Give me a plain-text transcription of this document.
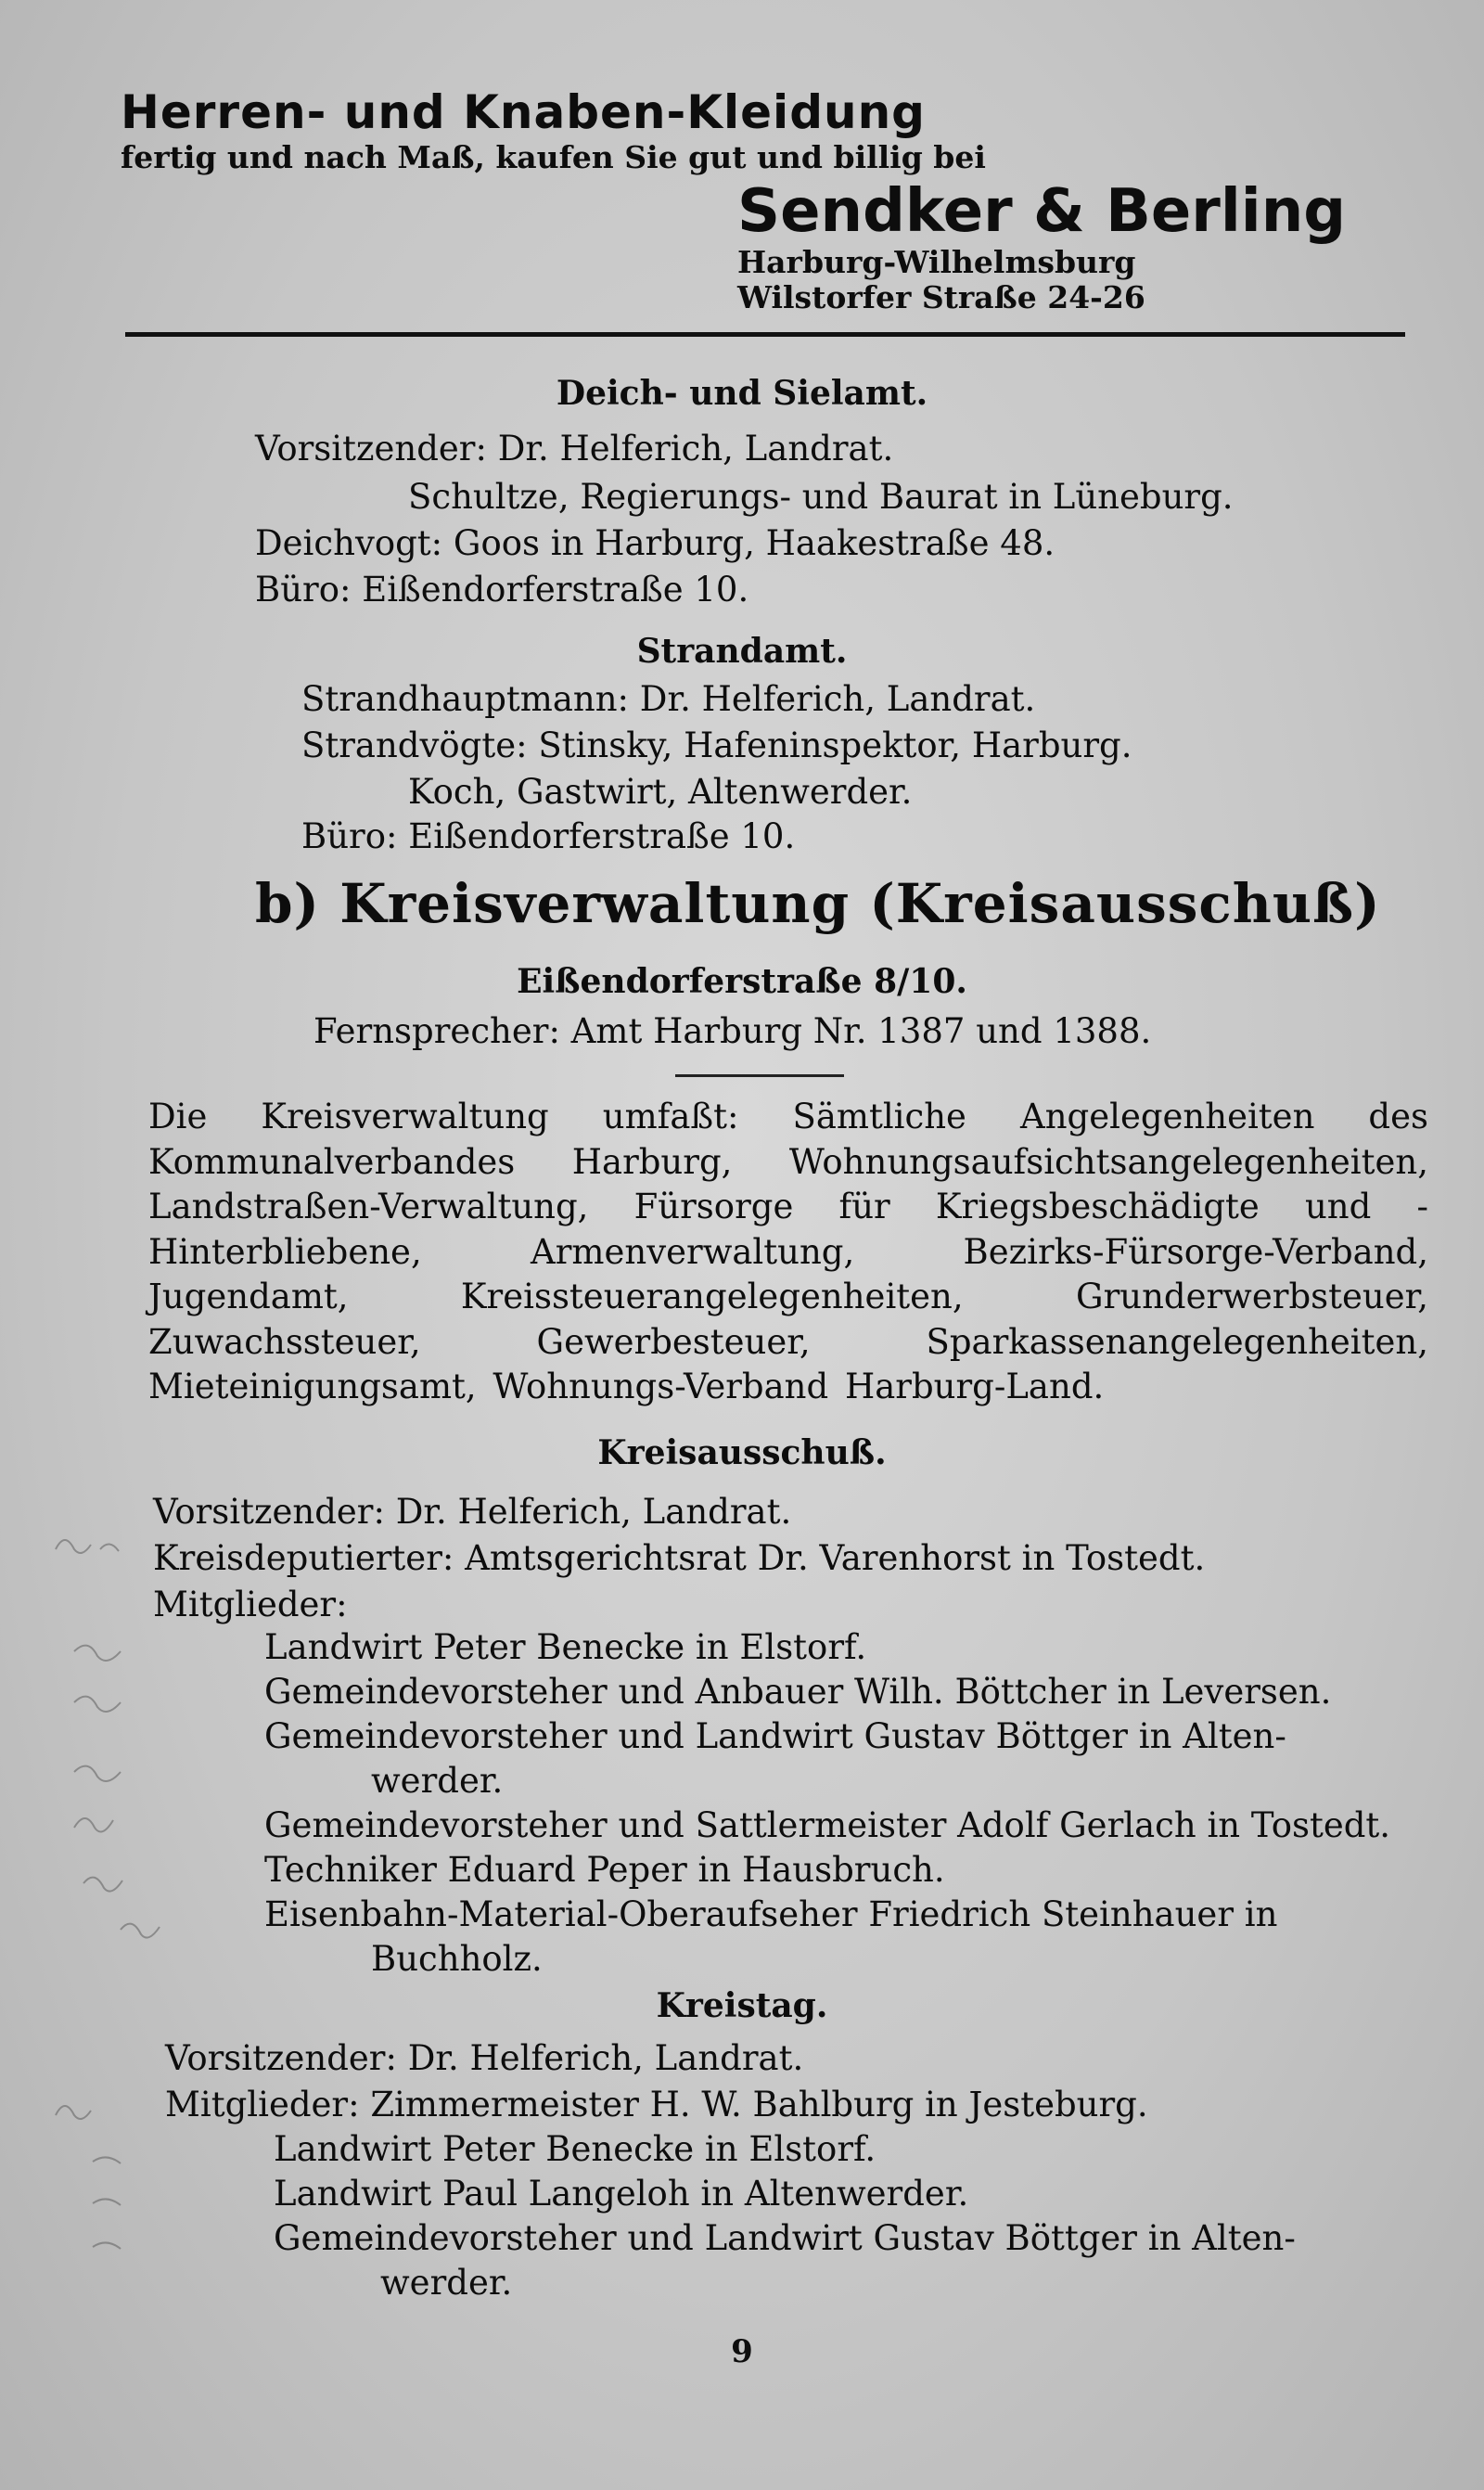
Herren- und Knaben-Kleidung

fertig und nach Maß, kaufen Sie gut und billig bei

Sendker & Berling

Harburg-Wilhelmsburg

Wilstorfer Straße 24-26

Deich- und Sielamt.
Vorsitzender: Dr. Helferich, Landrat.
Schultze, Regierungs- und Baurat in Lüneburg.
Deichvogt: Goos in Harburg, Haakestraße 48.
Büro: Eißendorferstraße 10.
Strandamt.
Strandhauptmann: Dr. Helferich, Landrat.
Strandvögte: Stinsky, Hafeninspektor, Harburg.
Koch, Gastwirt, Altenwerder.
Büro: Eißendorferstraße 10.
b) Kreisverwaltung (Kreisausschuß)
Eißendorferstraße 8/10.
Fernsprecher: Amt Harburg Nr. 1387 und 1388.
Die Kreisverwaltung umfaßt: Sämtliche Angelegenheiten des Kommunalverbandes Harburg, Wohnungsaufsichtsangelegenheiten, Landstraßen-Verwaltung, Fürsorge für Kriegsbeschädigte und -Hinterbliebene, Armenverwaltung, Bezirks-Fürsorge-Verband, Jugendamt, Kreissteuerangelegenheiten, Grunderwerbsteuer, Zuwachssteuer, Gewerbesteuer, Sparkassenangelegenheiten, Mieteinigungsamt, Wohnungs-Verband Harburg-Land.
Kreisausschuß.
Vorsitzender: Dr. Helferich, Landrat.
Kreisdeputierter: Amtsgerichtsrat Dr. Varenhorst in Tostedt.
Mitglieder:
Landwirt Peter Benecke in Elstorf.
Gemeindevorsteher und Anbauer Wilh. Böttcher in Leversen.
Gemeindevorsteher und Landwirt Gustav Böttger in Alten-
werder.
Gemeindevorsteher und Sattlermeister Adolf Gerlach in Tostedt.
Techniker Eduard Peper in Hausbruch.
Eisenbahn-Material-Oberaufseher Friedrich Steinhauer in
Buchholz.
Kreistag.
Vorsitzender: Dr. Helferich, Landrat.
Mitglieder: Zimmermeister H. W. Bahlburg in Jesteburg.
Landwirt Peter Benecke in Elstorf.
Landwirt Paul Langeloh in Altenwerder.
Gemeindevorsteher und Landwirt Gustav Böttger in Alten-
werder.
9
